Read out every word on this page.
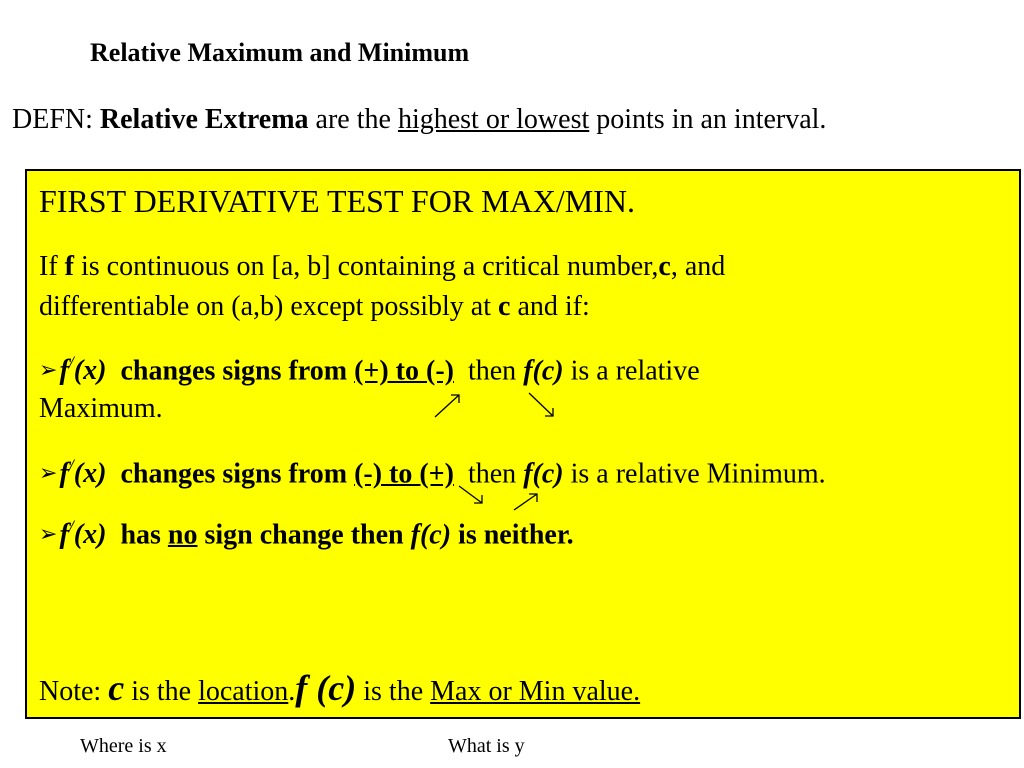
Relative Maximum and Minimum
DEFN: Relative Extrema are the highest or lowest points in an interval.
FIRST DERIVATIVE TEST FOR MAX/MIN.
If f is continuous on [a, b] containing a critical number,c, and
differentiable on (a,b) except possibly at c and if:
➢f/(x) changes signs from (+) to (-) then f(c) is a relative
Maximum.
➢f/(x) changes signs from (-) to (+) then f(c) is a relative Minimum.
➢f/(x) has no sign change then f(c) is neither.
Note: c is the location.f (c) is the Max or Min value.
Where is x	What is y
